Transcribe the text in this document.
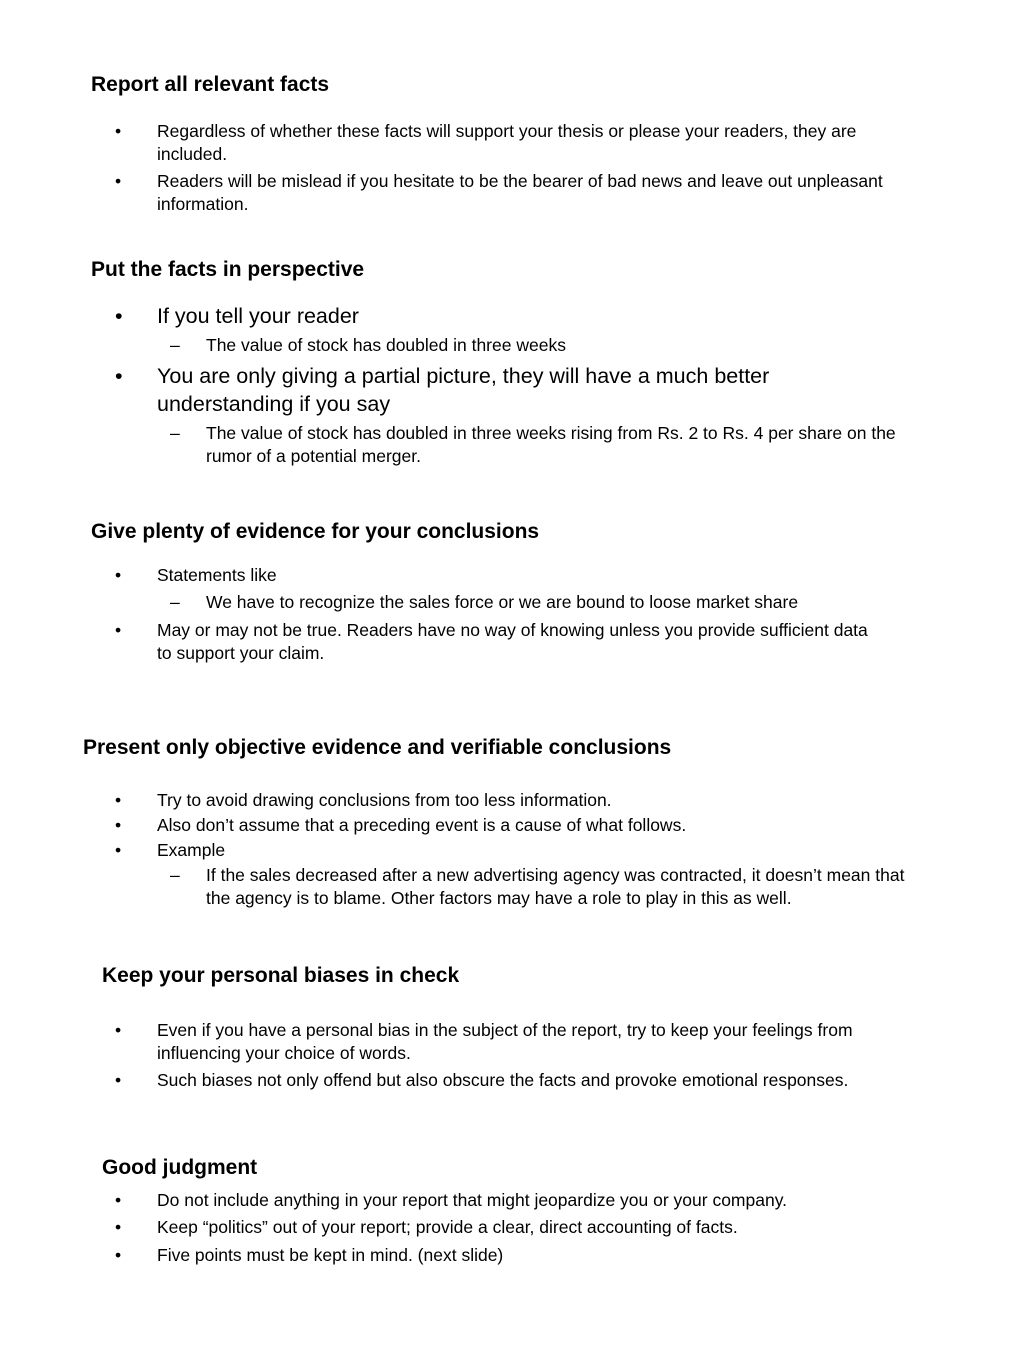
Report all relevant facts
• Regardless of whether these facts will support your thesis or please your readers, they are included.
• Readers will be mislead if you hesitate to be the bearer of bad news and leave out unpleasant information.
Put the facts in perspective
• If you tell your reader
– The value of stock has doubled in three weeks
• You are only giving a partial picture, they will have a much better understanding if you say
– The value of stock has doubled in three weeks rising from Rs. 2 to Rs. 4 per share on the rumor of a potential merger.
Give plenty of evidence for your conclusions
• Statements like
– We have to recognize the sales force or we are bound to loose market share
• May or may not be true. Readers have no way of knowing unless you provide sufficient data to support your claim.
Present only objective evidence and verifiable conclusions
• Try to avoid drawing conclusions from too less information.
• Also don’t assume that a preceding event is a cause of what follows.
• Example
– If the sales decreased after a new advertising agency was contracted, it doesn’t mean that the agency is to blame. Other factors may have a role to play in this as well.
Keep your personal biases in check
• Even if you have a personal bias in the subject of the report, try to keep your feelings from influencing your choice of words.
• Such biases not only offend but also obscure the facts and provoke emotional responses.
Good judgment
• Do not include anything in your report that might jeopardize you or your company.
• Keep “politics” out of your report; provide a clear, direct accounting of facts.
• Five points must be kept in mind. (next slide)
